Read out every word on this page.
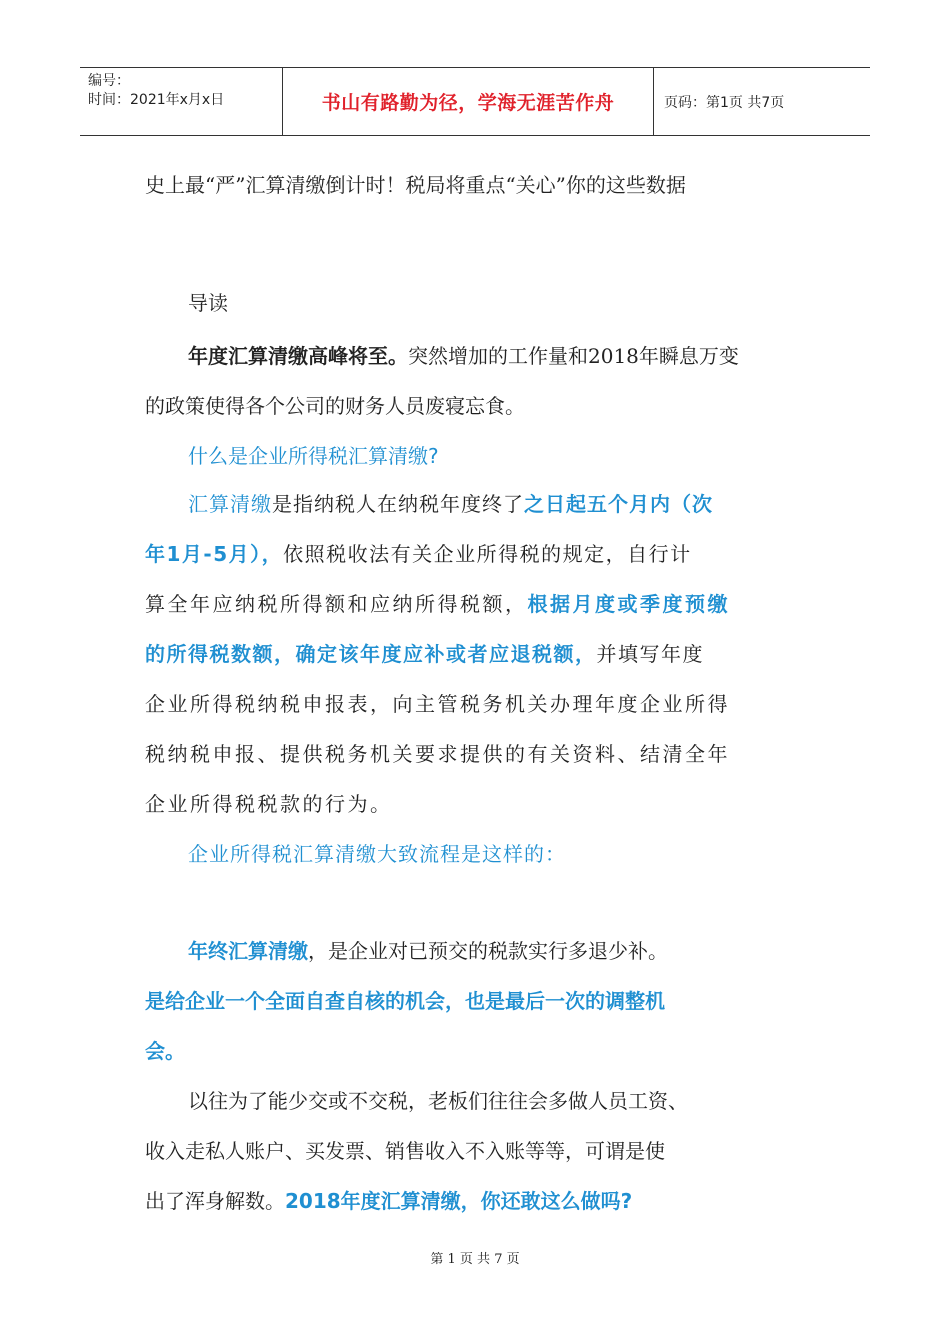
编号：
时间：2021年x月x日	书山有路勤为径，学海无涯苦作舟	页码：第1页 共7页
史上最“严”汇算清缴倒计时！税局将重点“关心”你的这些数据
导读
年度汇算清缴高峰将至。突然增加的工作量和2018年瞬息万变
的政策使得各个公司的财务人员废寝忘食。
什么是企业所得税汇算清缴?
汇算清缴是指纳税人在纳税年度终了之日起五个月内（次
年1月-5月），依照税收法有关企业所得税的规定，自行计
算全年应纳税所得额和应纳所得税额，根据月度或季度预缴
的所得税数额，确定该年度应补或者应退税额，并填写年度
企业所得税纳税申报表，向主管税务机关办理年度企业所得
税纳税申报、提供税务机关要求提供的有关资料、结清全年
企业所得税税款的行为。
企业所得税汇算清缴大致流程是这样的：
年终汇算清缴，是企业对已预交的税款实行多退少补。
是给企业一个全面自查自核的机会，也是最后一次的调整机
会。
以往为了能少交或不交税，老板们往往会多做人员工资、
收入走私人账户、买发票、销售收入不入账等等，可谓是使
出了浑身解数。2018年度汇算清缴，你还敢这么做吗?
第 1 页 共 7 页
